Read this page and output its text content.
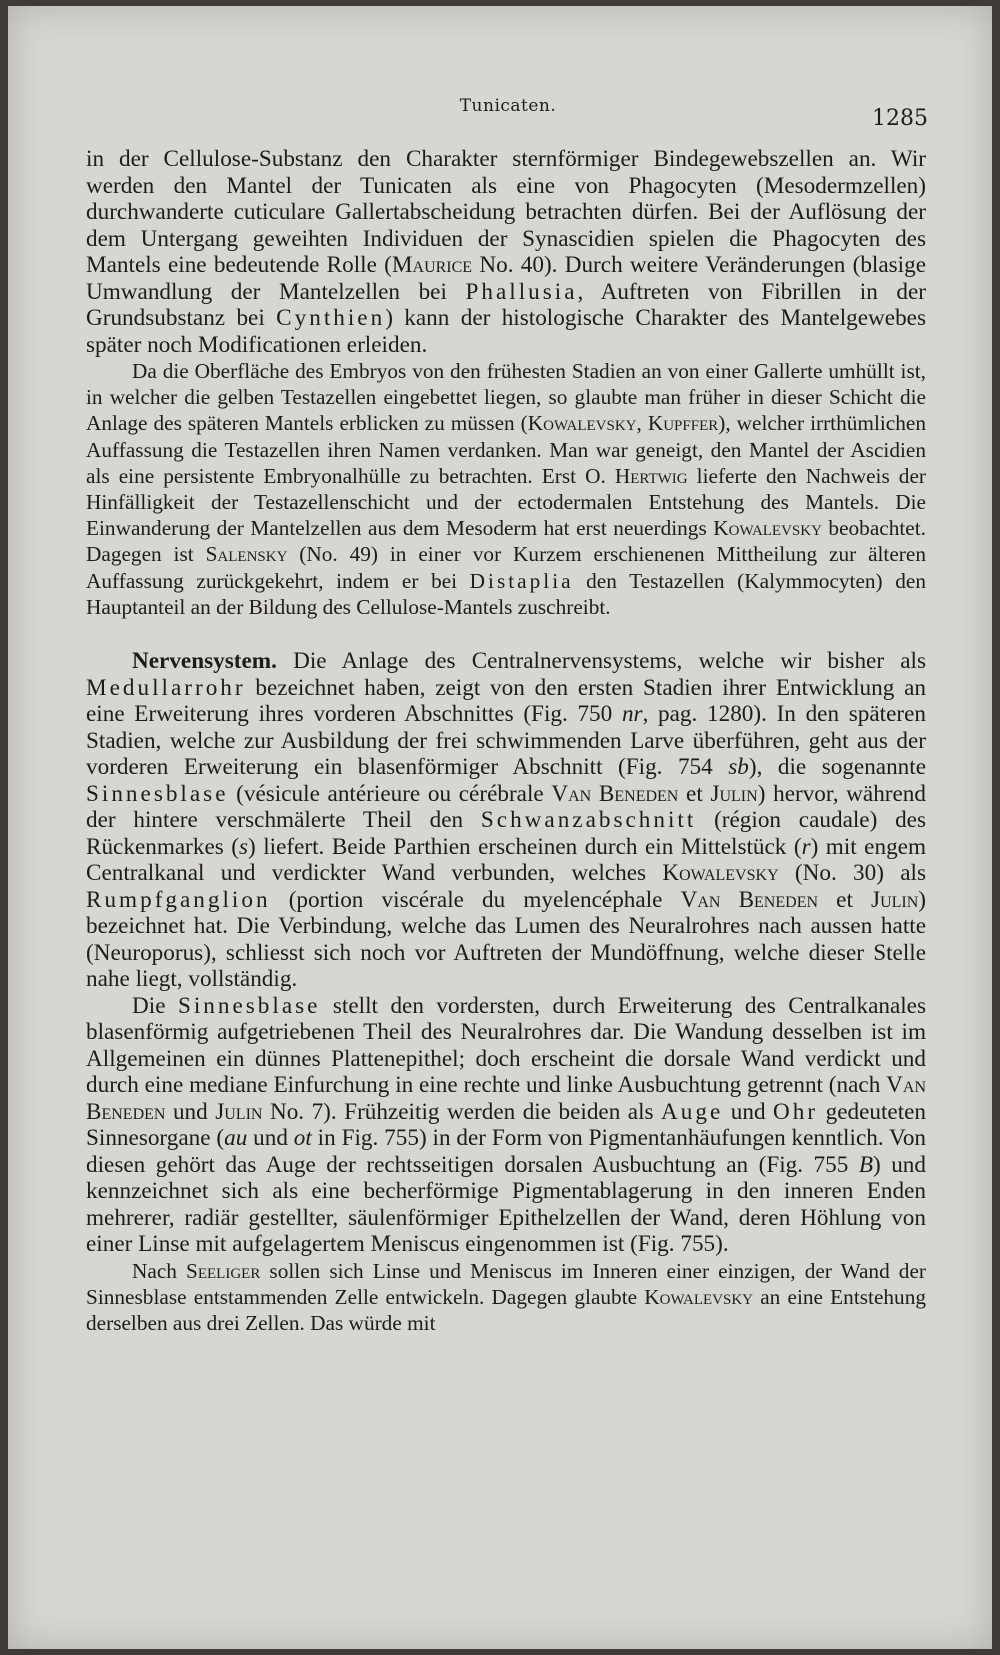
Tunicaten.	1285

in der Cellulose-Substanz den Charakter sternförmiger Bindegewebszellen an. Wir werden den Mantel der Tunicaten als eine von Phagocyten (Mesodermzellen) durchwanderte cuticulare Gallertabscheidung betrachten dürfen. Bei der Auflösung der dem Untergang geweihten Individuen der Synascidien spielen die Phagocyten des Mantels eine bedeutende Rolle (Maurice No. 40). Durch weitere Veränderungen (blasige Umwandlung der Mantelzellen bei Phallusia, Auftreten von Fibrillen in der Grundsubstanz bei Cynthien) kann der histologische Charakter des Mantelgewebes später noch Modificationen erleiden.

Da die Oberfläche des Embryos von den frühesten Stadien an von einer Gallerte umhüllt ist, in welcher die gelben Testazellen eingebettet liegen, so glaubte man früher in dieser Schicht die Anlage des späteren Mantels erblicken zu müssen (Kowalevsky, Kupffer), welcher irrthümlichen Auffassung die Testazellen ihren Namen verdanken. Man war geneigt, den Mantel der Ascidien als eine persistente Embryonalhülle zu betrachten. Erst O. Hertwig lieferte den Nachweis der Hinfälligkeit der Testazellenschicht und der ectodermalen Entstehung des Mantels. Die Einwanderung der Mantelzellen aus dem Mesoderm hat erst neuerdings Kowalevsky beobachtet. Dagegen ist Salensky (No. 49) in einer vor Kurzem erschienenen Mittheilung zur älteren Auffassung zurückgekehrt, indem er bei Distaplia den Testazellen (Kalymmocyten) den Hauptanteil an der Bildung des Cellulose-Mantels zuschreibt.

Nervensystem. Die Anlage des Centralnervensystems, welche wir bisher als Medullarrohr bezeichnet haben, zeigt von den ersten Stadien ihrer Entwicklung an eine Erweiterung ihres vorderen Abschnittes (Fig. 750 nr, pag. 1280). In den späteren Stadien, welche zur Ausbildung der frei schwimmenden Larve überführen, geht aus der vorderen Erweiterung ein blasenförmiger Abschnitt (Fig. 754 sb), die sogenannte Sinnesblase (vésicule antérieure ou cérébrale Van Beneden et Julin) hervor, während der hintere verschmälerte Theil den Schwanzabschnitt (région caudale) des Rückenmarkes (s) liefert. Beide Parthien erscheinen durch ein Mittelstück (r) mit engem Centralkanal und verdickter Wand verbunden, welches Kowalevsky (No. 30) als Rumpfganglion (portion viscérale du myelencéphale Van Beneden et Julin) bezeichnet hat. Die Verbindung, welche das Lumen des Neuralrohres nach aussen hatte (Neuroporus), schliesst sich noch vor Auftreten der Mundöffnung, welche dieser Stelle nahe liegt, vollständig.

Die Sinnesblase stellt den vordersten, durch Erweiterung des Centralkanales blasenförmig aufgetriebenen Theil des Neuralrohres dar. Die Wandung desselben ist im Allgemeinen ein dünnes Plattenepithel; doch erscheint die dorsale Wand verdickt und durch eine mediane Einfurchung in eine rechte und linke Ausbuchtung getrennt (nach Van Beneden und Julin No. 7). Frühzeitig werden die beiden als Auge und Ohr gedeuteten Sinnesorgane (au und ot in Fig. 755) in der Form von Pigmentanhäufungen kenntlich. Von diesen gehört das Auge der rechtsseitigen dorsalen Ausbuchtung an (Fig. 755 B) und kennzeichnet sich als eine becherförmige Pigmentablagerung in den inneren Enden mehrerer, radiär gestellter, säulenförmiger Epithelzellen der Wand, deren Höhlung von einer Linse mit aufgelagertem Meniscus eingenommen ist (Fig. 755).

Nach Seeliger sollen sich Linse und Meniscus im Inneren einer einzigen, der Wand der Sinnesblase entstammenden Zelle entwickeln. Dagegen glaubte Kowalevsky an eine Entstehung derselben aus drei Zellen. Das würde mit
